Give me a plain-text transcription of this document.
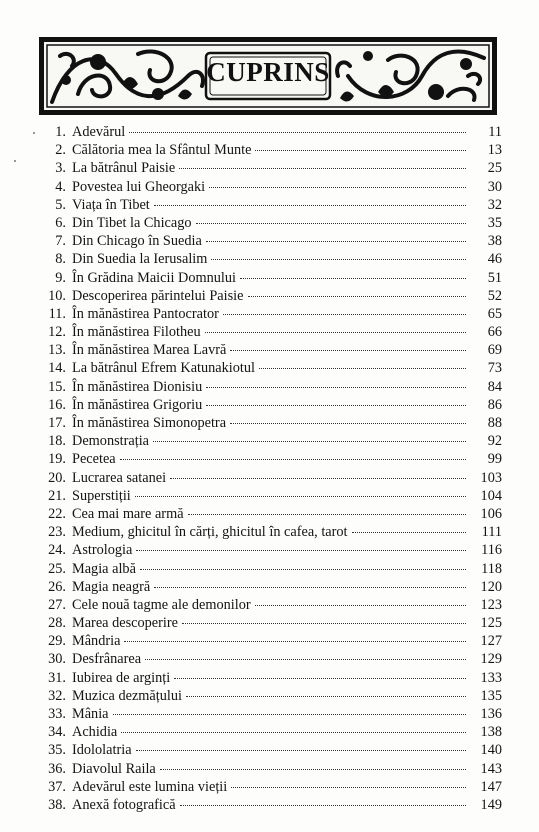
CUPRINS
1. Adevărul	11
2. Călătoria mea la Sfântul Munte	13
3. La bătrânul Paisie	25
4. Povestea lui Gheorgaki	30
5. Viața în Tibet	32
6. Din Tibet la Chicago	35
7. Din Chicago în Suedia	38
8. Din Suedia la Ierusalim	46
9. În Grădina Maicii Domnului	51
10. Descoperirea părintelui Paisie	52
11. În mănăstirea Pantocrator	65
12. În mănăstirea Filotheu	66
13. În mănăstirea Marea Lavră	69
14. La bătrânul Efrem Katunakiotul	73
15. În mănăstirea Dionisiu	84
16. În mănăstirea Grigoriu	86
17. În mănăstirea Simonopetra	88
18. Demonstrația	92
19. Pecetea	99
20. Lucrarea satanei	103
21. Superstiții	104
22. Cea mai mare armă	106
23. Medium, ghicitul în cărți, ghicitul în cafea, tarot	111
24. Astrologia	116
25. Magia albă	118
26. Magia neagră	120
27. Cele nouă tagme ale demonilor	123
28. Marea descoperire	125
29. Mândria	127
30. Desfrânarea	129
31. Iubirea de arginți	133
32. Muzica dezmățului	135
33. Mânia	136
34. Achidia	138
35. Idololatria	140
36. Diavolul Raila	143
37. Adevărul este lumina vieții	147
38. Anexă fotografică	149
